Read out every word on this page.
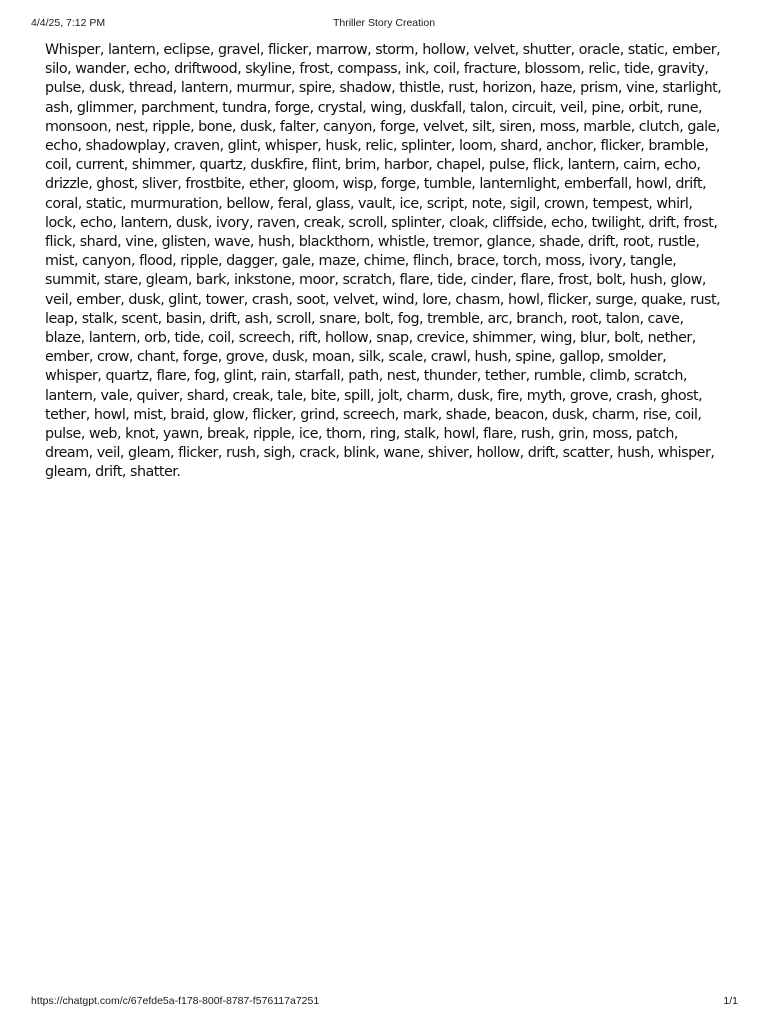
4/4/25, 7:12 PM	Thriller Story Creation

Whisper, lantern, eclipse, gravel, flicker, marrow, storm, hollow, velvet, shutter, oracle, static, ember, silo, wander, echo, driftwood, skyline, frost, compass, ink, coil, fracture, blossom, relic, tide, gravity, pulse, dusk, thread, lantern, murmur, spire, shadow, thistle, rust, horizon, haze, prism, vine, starlight, ash, glimmer, parchment, tundra, forge, crystal, wing, duskfall, talon, circuit, veil, pine, orbit, rune, monsoon, nest, ripple, bone, dusk, falter, canyon, forge, velvet, silt, siren, moss, marble, clutch, gale, echo, shadowplay, craven, glint, whisper, husk, relic, splinter, loom, shard, anchor, flicker, bramble, coil, current, shimmer, quartz, duskfire, flint, brim, harbor, chapel, pulse, flick, lantern, cairn, echo, drizzle, ghost, sliver, frostbite, ether, gloom, wisp, forge, tumble, lanternlight, emberfall, howl, drift, coral, static, murmuration, bellow, feral, glass, vault, ice, script, note, sigil, crown, tempest, whirl, lock, echo, lantern, dusk, ivory, raven, creak, scroll, splinter, cloak, cliffside, echo, twilight, drift, frost, flick, shard, vine, glisten, wave, hush, blackthorn, whistle, tremor, glance, shade, drift, root, rustle, mist, canyon, flood, ripple, dagger, gale, maze, chime, flinch, brace, torch, moss, ivory, tangle, summit, stare, gleam, bark, inkstone, moor, scratch, flare, tide, cinder, flare, frost, bolt, hush, glow, veil, ember, dusk, glint, tower, crash, soot, velvet, wind, lore, chasm, howl, flicker, surge, quake, rust, leap, stalk, scent, basin, drift, ash, scroll, snare, bolt, fog, tremble, arc, branch, root, talon, cave, blaze, lantern, orb, tide, coil, screech, rift, hollow, snap, crevice, shimmer, wing, blur, bolt, nether, ember, crow, chant, forge, grove, dusk, moan, silk, scale, crawl, hush, spine, gallop, smolder, whisper, quartz, flare, fog, glint, rain, starfall, path, nest, thunder, tether, rumble, climb, scratch, lantern, vale, quiver, shard, creak, tale, bite, spill, jolt, charm, dusk, fire, myth, grove, crash, ghost, tether, howl, mist, braid, glow, flicker, grind, screech, mark, shade, beacon, dusk, charm, rise, coil, pulse, web, knot, yawn, break, ripple, ice, thorn, ring, stalk, howl, flare, rush, grin, moss, patch, dream, veil, gleam, flicker, rush, sigh, crack, blink, wane, shiver, hollow, drift, scatter, hush, whisper, gleam, drift, shatter.

https://chatgpt.com/c/67efde5a-f178-800f-8787-f576117a7251	1/1
